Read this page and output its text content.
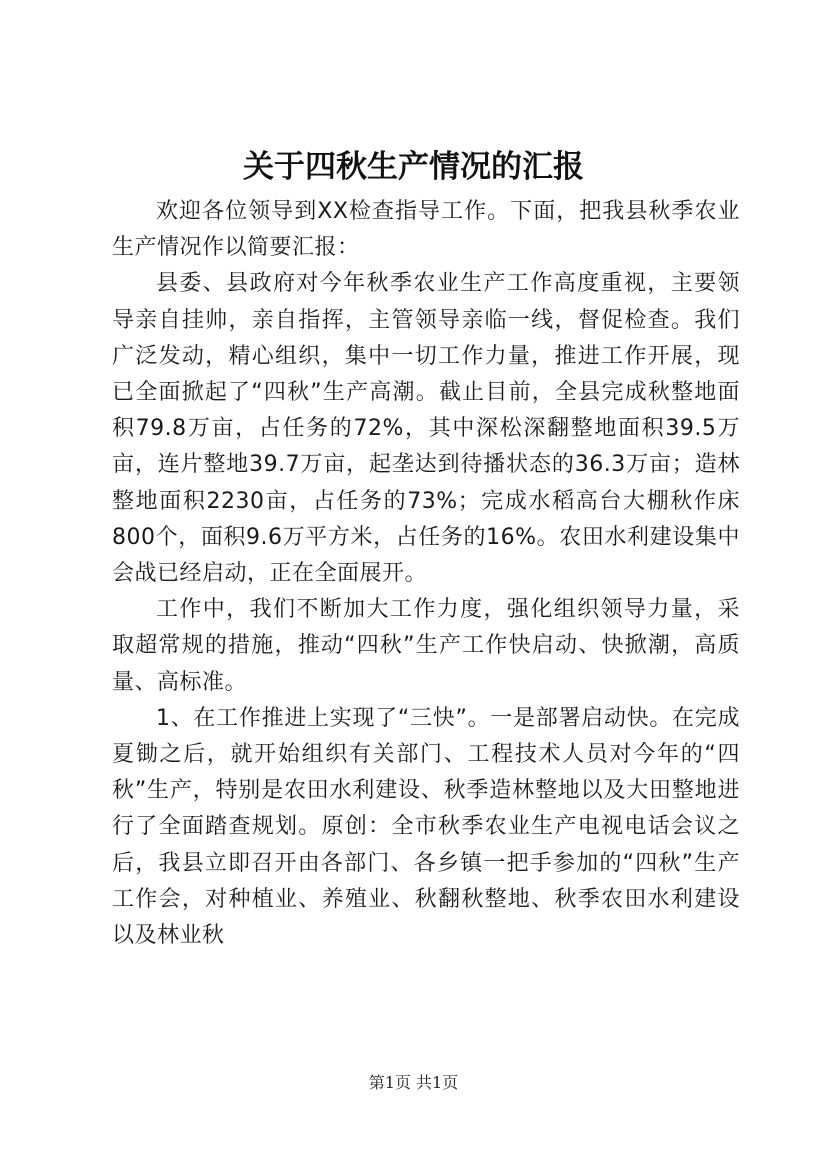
关于四秋生产情况的汇报

欢迎各位领导到XX检查指导工作。下面，把我县秋季农业生产情况作以简要汇报：

县委、县政府对今年秋季农业生产工作高度重视，主要领导亲自挂帅，亲自指挥，主管领导亲临一线，督促检查。我们广泛发动，精心组织，集中一切工作力量，推进工作开展，现已全面掀起了“四秋”生产高潮。截止目前，全县完成秋整地面积79.8万亩，占任务的72%，其中深松深翻整地面积39.5万亩，连片整地39.7万亩，起垄达到待播状态的36.3万亩；造林整地面积2230亩，占任务的73%；完成水稻高台大棚秋作床800个，面积9.6万平方米，占任务的16%。农田水利建设集中会战已经启动，正在全面展开。

工作中，我们不断加大工作力度，强化组织领导力量，采取超常规的措施，推动“四秋”生产工作快启动、快掀潮，高质量、高标准。

1、在工作推进上实现了“三快”。一是部署启动快。在完成夏锄之后，就开始组织有关部门、工程技术人员对今年的“四秋”生产，特别是农田水利建设、秋季造林整地以及大田整地进行了全面踏查规划。原创：全市秋季农业生产电视电话会议之后，我县立即召开由各部门、各乡镇一把手参加的“四秋”生产工作会，对种植业、养殖业、秋翻秋整地、秋季农田水利建设以及林业秋

第1页 共1页
